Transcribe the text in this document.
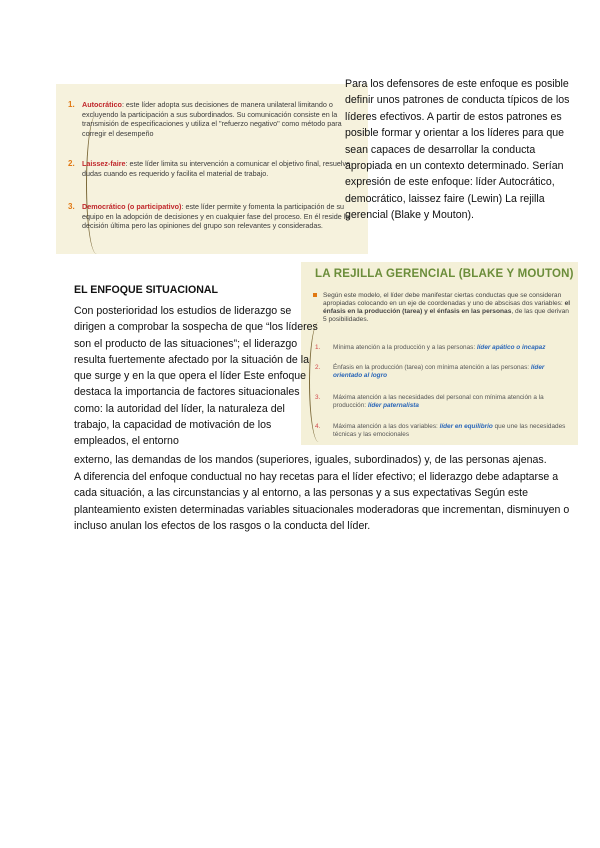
1. Autocrático: este líder adopta sus decisiones de manera unilateral limitando o excluyendo la participación a sus subordinados. Su comunicación consiste en la transmisión de especificaciones y utiliza el "refuerzo negativo" como método para corregir el desempeño
2. Laissez-faire: este líder limita su intervención a comunicar el objetivo final, resuelve dudas cuando es requerido y facilita el material de trabajo.
3. Democrático (o participativo): este líder permite y fomenta la participación de su equipo en la adopción de decisiones y en cualquier fase del proceso. En él reside la decisión última pero las opiniones del grupo son relevantes y consideradas.
Para los defensores de este enfoque es posible definir unos patrones de conducta típicos de los líderes efectivos. A partir de estos patrones es posible formar y orientar a los líderes para que sean capaces de desarrollar la conducta apropiada en un contexto determinado. Serían expresión de este enfoque: líder Autocrático, democrático, laissez faire (Lewin) La rejilla gerencial (Blake y Mouton).
LA REJILLA GERENCIAL (BLAKE Y MOUTON)
Según este modelo, el líder debe manifestar ciertas conductas que se consideran apropiadas colocando en un eje de coordenadas y uno de abscisas dos variables: el énfasis en la producción (tarea) y el énfasis en las personas, de las que derivan 5 posibilidades.
1. Mínima atención a la producción y a las personas: líder apático o incapaz
2. Énfasis en la producción (tarea) con mínima atención a las personas: líder orientado al logro
3. Máxima atención a las necesidades del personal con mínima atención a la producción: líder paternalista
4. Máxima atención a las dos variables: líder en equilibrio que une las necesidades técnicas y las emocionales
EL ENFOQUE SITUACIONAL
Con posterioridad los estudios de liderazgo se dirigen a comprobar la sospecha de que “los líderes son el producto de las situaciones”; el liderazgo resulta fuertemente afectado por la situación de la que surge y en la que opera el líder Este enfoque destaca la importancia de factores situacionales como: la autoridad del líder, la naturaleza del trabajo, la capacidad de motivación de los empleados, el entorno
externo, las demandas de los mandos (superiores, iguales, subordinados) y, de las personas ajenas.
A diferencia del enfoque conductual no hay recetas para el líder efectivo; el liderazgo debe adaptarse a cada situación, a las circunstancias y al entorno, a las personas y a sus expectativas Según este planteamiento existen determinadas variables situacionales moderadoras que incrementan, disminuyen o incluso anulan los efectos de los rasgos o la conducta del líder.
